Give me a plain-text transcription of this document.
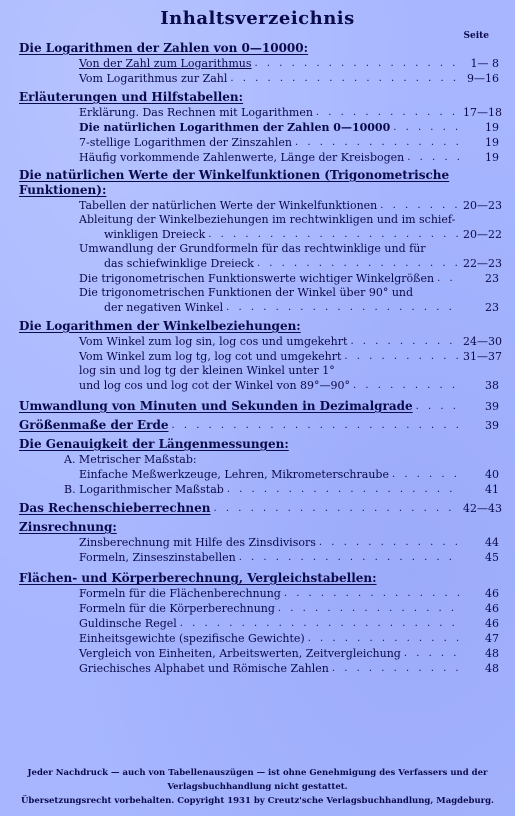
Inhaltsverzeichnis
Seite
Die Logarithmen der Zahlen von 0—10000:
Von der Zahl zum Logarithmus . . .	1— 8
Vom Logarithmus zur Zahl . . .	9—16
Erläuterungen und Hilfstabellen:
Erklärung. Das Rechnen mit Logarithmen . . .	17—18
Die natürlichen Logarithmen der Zahlen 0—10000 . . .	19
7-stellige Logarithmen der Zinszahlen . . .	19
Häufig vorkommende Zahlenwerte, Länge der Kreisbogen . . .	19
Die natürlichen Werte der Winkelfunktionen (Trigonometrische
Funktionen):
Tabellen der natürlichen Werte der Winkelfunktionen . . .	20—23
Ableitung der Winkelbeziehungen im rechtwinkligen und im schief-
winkligen Dreieck . . .	20—22
Umwandlung der Grundformeln für das rechtwinklige und für
das schiefwinklige Dreieck . . .	22—23
Die trigonometrischen Funktionswerte wichtiger Winkelgrößen . . .	23
Die trigonometrischen Funktionen der Winkel über 90° und
der negativen Winkel . . .	23
Die Logarithmen der Winkelbeziehungen:
Vom Winkel zum log sin, log cos und umgekehrt . . .	24—30
Vom Winkel zum log tg, log cot und umgekehrt . . .	31—37
log sin und log tg der kleinen Winkel unter 1°
und log cos und log cot der Winkel von 89°—90° . . .	38
Umwandlung von Minuten und Sekunden in Dezimalgrade . . .	39
Größenmaße der Erde . . .	39
Die Genauigkeit der Längenmessungen:
A. Metrischer Maßstab:
Einfache Meßwerkzeuge, Lehren, Mikrometerschraube . . .	40
B. Logarithmischer Maßstab . . .	41
Das Rechenschieberrechnen . . .	42—43
Zinsrechnung:
Zinsberechnung mit Hilfe des Zinsdivisors . . .	44
Formeln, Zinseszinstabellen . . .	45
Flächen- und Körperberechnung, Vergleichstabellen:
Formeln für die Flächenberechnung . . .	46
Formeln für die Körperberechnung . . .	46
Guldinsche Regel . . .	46
Einheitsgewichte (spezifische Gewichte) . . .	47
Vergleich von Einheiten, Arbeitswerten, Zeitvergleichung . . .	48
Griechisches Alphabet und Römische Zahlen . . .	48
Jeder Nachdruck — auch von Tabellenauszügen — ist ohne Genehmigung des Verfassers und der
Verlagsbuchhandlung nicht gestattet.
Übersetzungsrecht vorbehalten. Copyright 1931 by Creutz'sche Verlagsbuchhandlung, Magdeburg.
